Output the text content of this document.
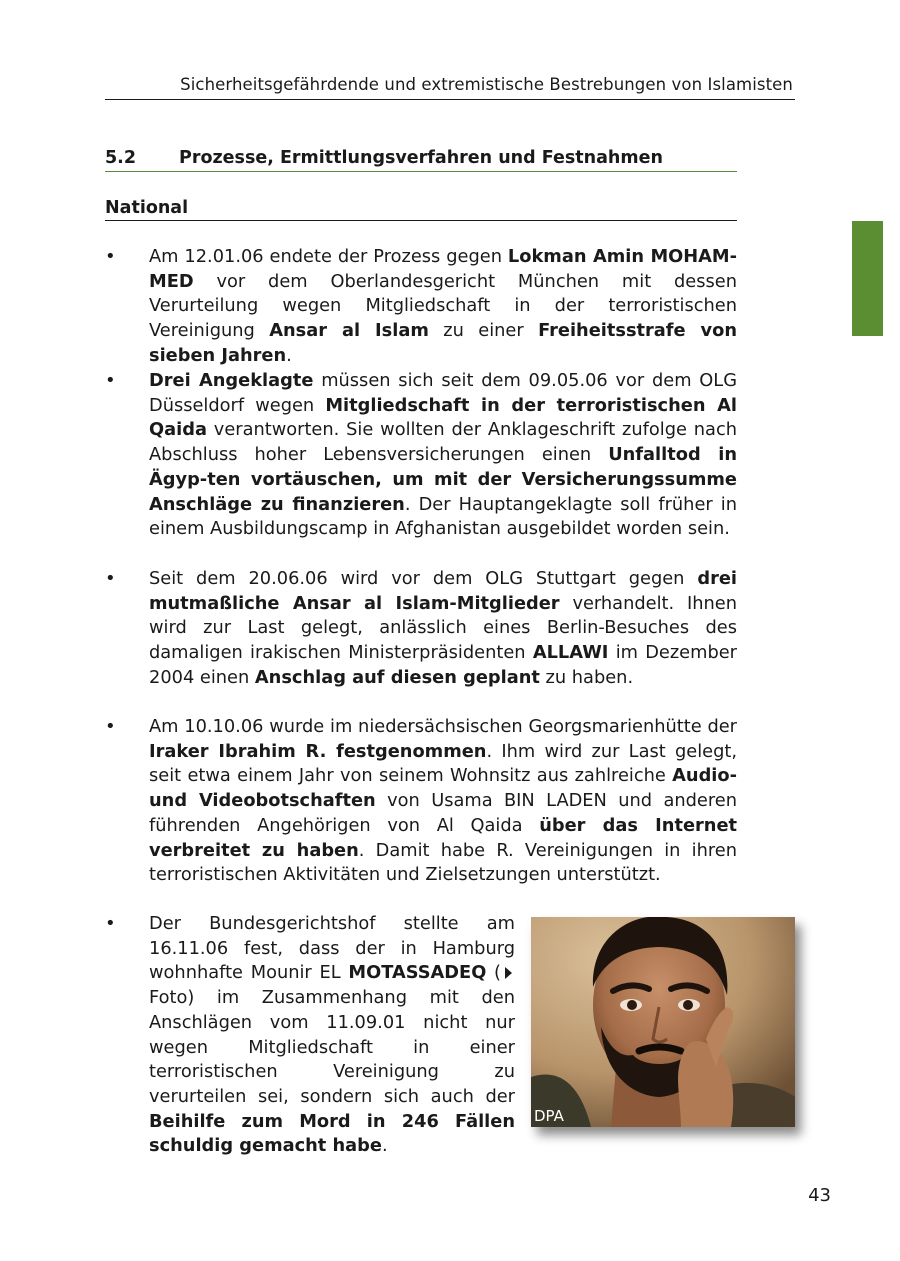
Sicherheitsgefährdende und extremistische Bestrebungen von Islamisten
5.2 Prozesse, Ermittlungsverfahren und Festnahmen
National
•	Am 12.01.06 endete der Prozess gegen Lokman Amin MOHAM-MED vor dem Oberlandesgericht München mit dessen Verurteilung wegen Mitgliedschaft in der terroristischen Vereinigung Ansar al Islam zu einer Freiheitsstrafe von sieben Jahren.
•	Drei Angeklagte müssen sich seit dem 09.05.06 vor dem OLG Düsseldorf wegen Mitgliedschaft in der terroristischen Al Qaida verantworten. Sie wollten der Anklageschrift zufolge nach Abschluss hoher Lebensversicherungen einen Unfalltod in Ägyp-ten vortäuschen, um mit der Versicherungssumme Anschläge zu finanzieren. Der Hauptangeklagte soll früher in einem Ausbildungscamp in Afghanistan ausgebildet worden sein.
•	Seit dem 20.06.06 wird vor dem OLG Stuttgart gegen drei mutmaßliche Ansar al Islam-Mitglieder verhandelt. Ihnen wird zur Last gelegt, anlässlich eines Berlin-Besuches des damaligen irakischen Ministerpräsidenten ALLAWI im Dezember 2004 einen Anschlag auf diesen geplant zu haben.
•	Am 10.10.06 wurde im niedersächsischen Georgsmarienhütte der Iraker Ibrahim R. festgenommen. Ihm wird zur Last gelegt, seit etwa einem Jahr von seinem Wohnsitz aus zahlreiche Audio- und Videobotschaften von Usama BIN LADEN und anderen führenden Angehörigen von Al Qaida über das Internet verbreitet zu haben. Damit habe R. Vereinigungen in ihren terroristischen Aktivitäten und Zielsetzungen unterstützt.
•	Der Bundesgerichtshof stellte am 16.11.06 fest, dass der in Hamburg wohnhafte Mounir EL MOTASSADEQ (Foto) im Zusammenhang mit den Anschlägen vom 11.09.01 nicht nur wegen Mitgliedschaft in einer terroristischen Vereinigung zu verurteilen sei, sondern sich auch der Beihilfe zum Mord in 246 Fällen schuldig gemacht habe.
DPA
43
